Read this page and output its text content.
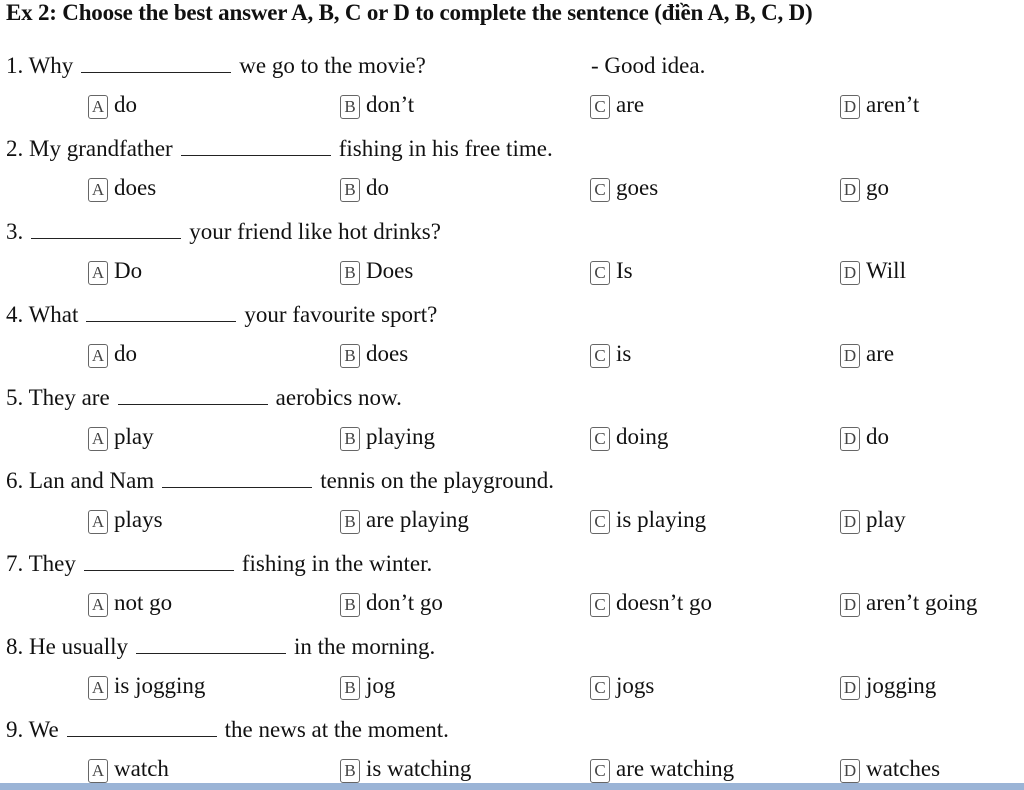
Ex 2: Choose the best answer A, B, C or D to complete the sentence (điền A, B, C, D)
1. Why	we go to the movie?	- Good idea.
A do	B don’t	C are	D aren’t
2. My grandfather	fishing in his free time.
A does	B do	C goes	D go
3.	your friend like hot drinks?
A Do	B Does	C Is	D Will
4. What	your favourite sport?
A do	B does	C is	D are
5. They are	aerobics now.
A play	B playing	C doing	D do
6. Lan and Nam	tennis on the playground.
A plays	B are playing	C is playing	D play
7. They	fishing in the winter.
A not go	B don’t go	C doesn’t go	D aren’t going
8. He usually	in the morning.
A is jogging	B jog	C jogs	D jogging
9. We	the news at the moment.
A watch	B is watching	C are watching	D watches
